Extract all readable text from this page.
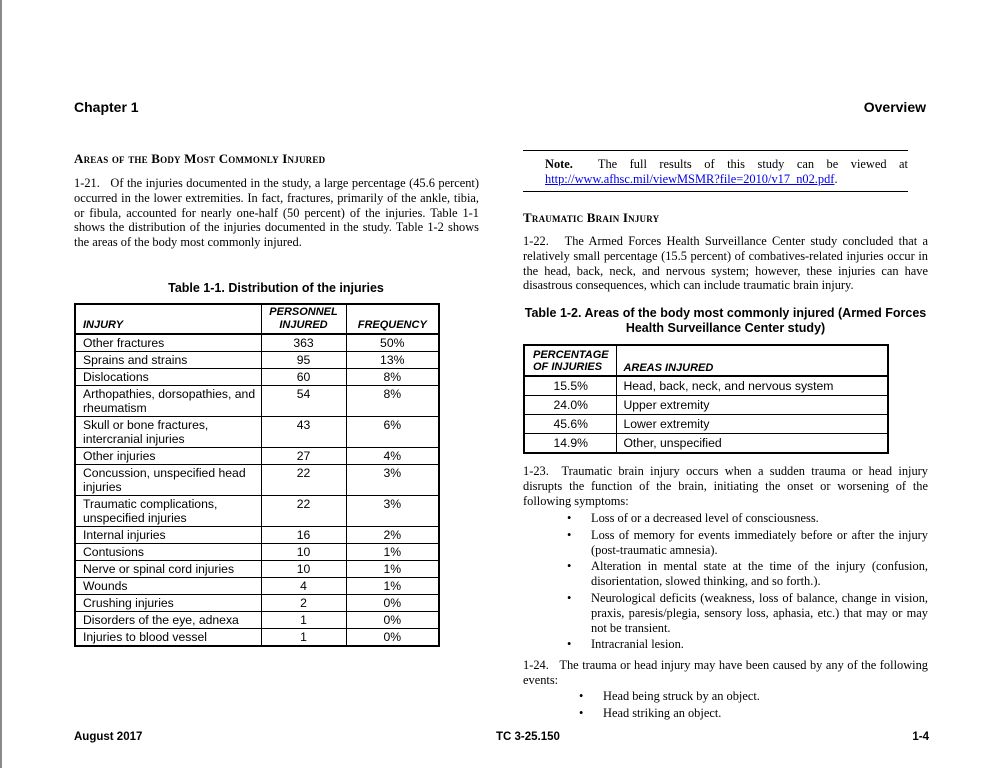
Chapter 1	Overview
Areas of the Body Most Commonly Injured
1-21. Of the injuries documented in the study, a large percentage (45.6 percent) occurred in the lower extremities. In fact, fractures, primarily of the ankle, tibia, or fibula, accounted for nearly one-half (50 percent) of the injuries. Table 1-1 shows the distribution of the injuries documented in the study. Table 1-2 shows the areas of the body most commonly injured.
Table 1-1. Distribution of the injuries
INJURY	PERSONNEL INJURED	FREQUENCY
Other fractures	363	50%
Sprains and strains	95	13%
Dislocations	60	8%
Arthopathies, dorsopathies, and rheumatism	54	8%
Skull or bone fractures, intercranial injuries	43	6%
Other injuries	27	4%
Concussion, unspecified head injuries	22	3%
Traumatic complications, unspecified injuries	22	3%
Internal injuries	16	2%
Contusions	10	1%
Nerve or spinal cord injuries	10	1%
Wounds	4	1%
Crushing injuries	2	0%
Disorders of the eye, adnexa	1	0%
Injuries to blood vessel	1	0%
Note. The full results of this study can be viewed at http://www.afhsc.mil/viewMSMR?file=2010/v17_n02.pdf.
Traumatic Brain Injury
1-22. The Armed Forces Health Surveillance Center study concluded that a relatively small percentage (15.5 percent) of combatives-related injuries occur in the head, back, neck, and nervous system; however, these injuries can have disastrous consequences, which can include traumatic brain injury.
Table 1-2. Areas of the body most commonly injured (Armed Forces Health Surveillance Center study)
PERCENTAGE OF INJURIES	AREAS INJURED
15.5%	Head, back, neck, and nervous system
24.0%	Upper extremity
45.6%	Lower extremity
14.9%	Other, unspecified
1-23. Traumatic brain injury occurs when a sudden trauma or head injury disrupts the function of the brain, initiating the onset or worsening of the following symptoms:
• Loss of or a decreased level of consciousness.
• Loss of memory for events immediately before or after the injury (post-traumatic amnesia).
• Alteration in mental state at the time of the injury (confusion, disorientation, slowed thinking, and so forth.).
• Neurological deficits (weakness, loss of balance, change in vision, praxis, paresis/plegia, sensory loss, aphasia, etc.) that may or may not be transient.
• Intracranial lesion.
1-24. The trauma or head injury may have been caused by any of the following events:
• Head being struck by an object.
• Head striking an object.
August 2017	TC 3-25.150	1-4
